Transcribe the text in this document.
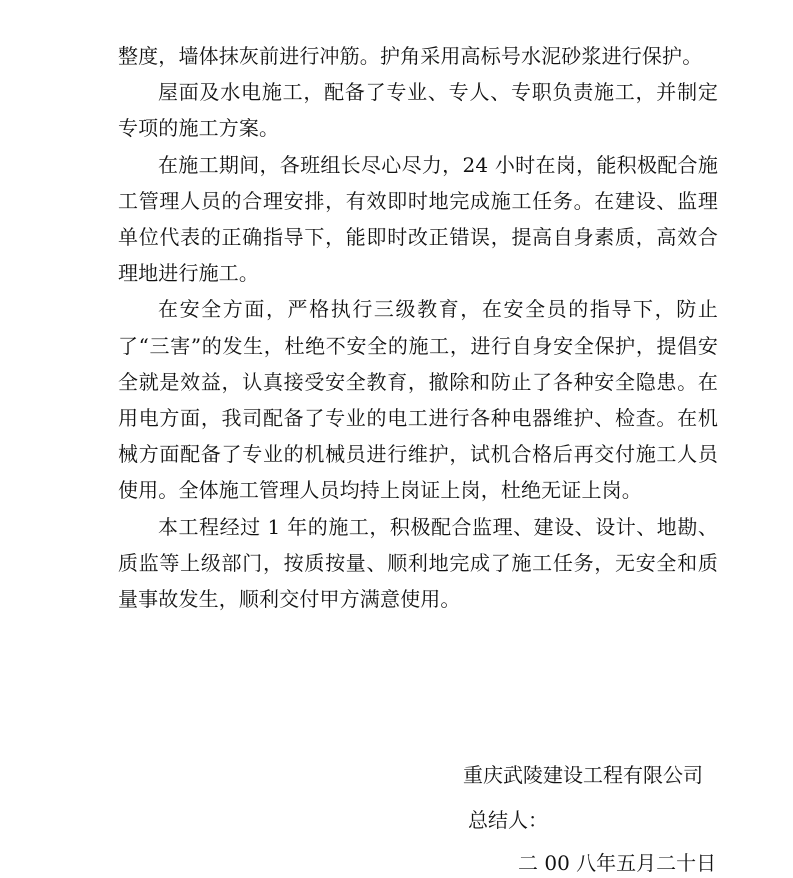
整度，墙体抹灰前进行冲筋。护角采用高标号水泥砂浆进行保护。

屋面及水电施工，配备了专业、专人、专职负责施工，并制定专项的施工方案。

在施工期间，各班组长尽心尽力，24 小时在岗，能积极配合施工管理人员的合理安排，有效即时地完成施工任务。在建设、监理单位代表的正确指导下，能即时改正错误，提高自身素质，高效合理地进行施工。

在安全方面，严格执行三级教育，在安全员的指导下，防止了“三害”的发生，杜绝不安全的施工，进行自身安全保护，提倡安全就是效益，认真接受安全教育，撤除和防止了各种安全隐患。在用电方面，我司配备了专业的电工进行各种电器维护、检查。在机械方面配备了专业的机械员进行维护，试机合格后再交付施工人员使用。全体施工管理人员均持上岗证上岗，杜绝无证上岗。

本工程经过 1 年的施工，积极配合监理、建设、设计、地勘、质监等上级部门，按质按量、顺利地完成了施工任务，无安全和质量事故发生，顺利交付甲方满意使用。

重庆武陵建设工程有限公司
总结人：
二 00 八年五月二十日
